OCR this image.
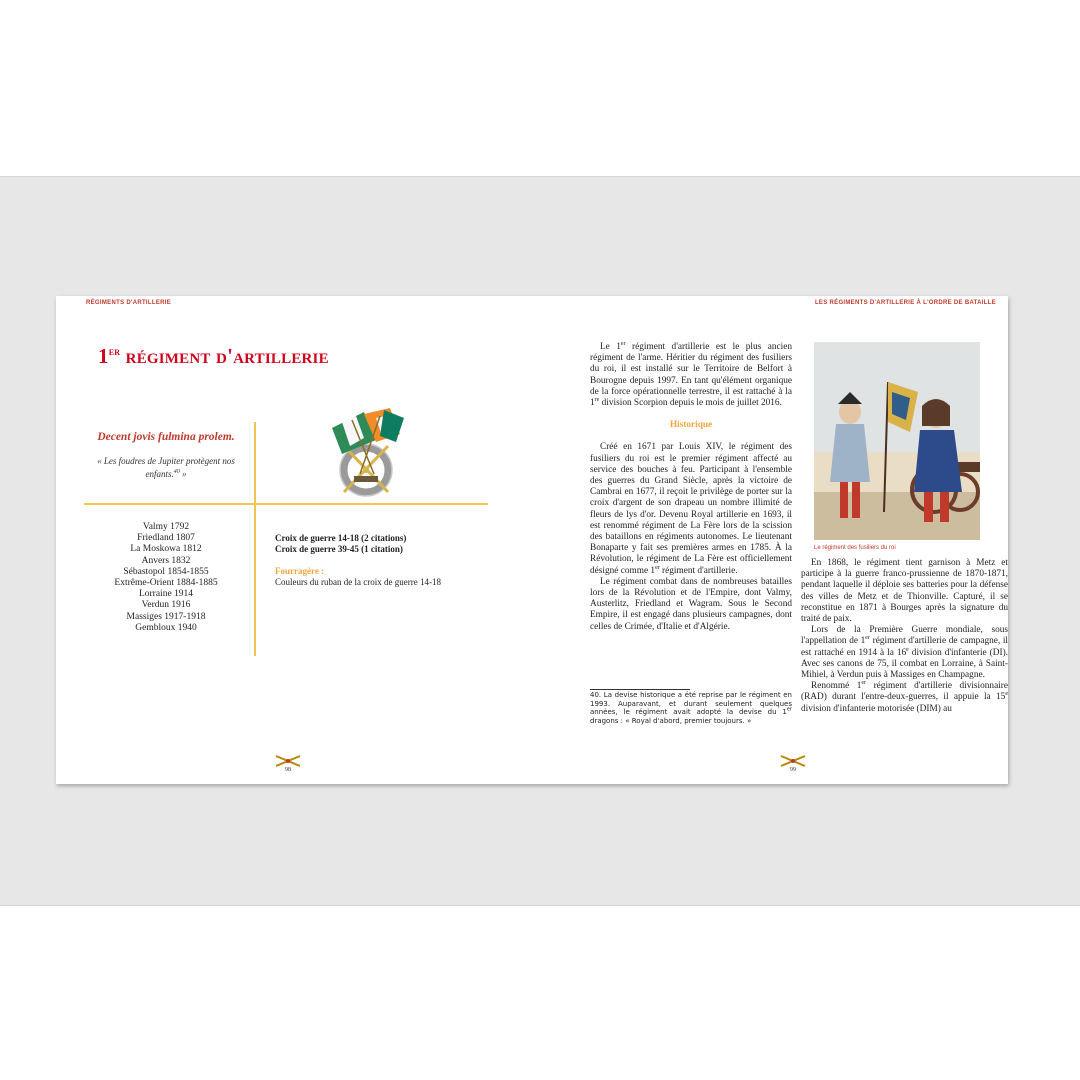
RÉGIMENTS D'ARTILLERIE
1er régiment d'artillerie
Decent jovis fulmina prolem.
« Les foudres de Jupiter protègent nos enfants.$^{40}$ »
Valmy 1792
Friedland 1807
La Moskowa 1812
Anvers 1832
Sébastopol 1854-1855
Extrême-Orient 1884-1885
Lorraine 1914
Verdun 1916
Massiges 1917-1918
Gembloux 1940
Croix de guerre 14-18 (2 citations)
Croix de guerre 39-45 (1 citation)
Fourragère :
Couleurs du ruban de la croix de guerre 14-18
98
LES RÉGIMENTS D'ARTILLERIE À L'ORDRE DE BATAILLE

Le 1er régiment d'artillerie est le plus ancien régiment de l'arme. Héritier du régiment des fusiliers du roi, il est installé sur le Territoire de Belfort à Bourogne depuis 1997. En tant qu'élément organique de la force opérationnelle terrestre, il est rattaché à la 1re division Scorpion depuis le mois de juillet 2016.

Historique

Créé en 1671 par Louis XIV, le régiment des fusiliers du roi est le premier régiment affecté au service des bouches à feu. Participant à l'ensemble des guerres du Grand Siècle, après la victoire de Cambrai en 1677, il reçoit le privilège de porter sur la croix d'argent de son drapeau un nombre illimité de fleurs de lys d'or. Devenu Royal artillerie en 1693, il est renommé régiment de La Fère lors de la scission des bataillons en régiments autonomes. Le lieutenant Bonaparte y fait ses premières armes en 1785. À la Révolution, le régiment de La Fère est officiellement désigné comme 1er régiment d'artillerie.

Le régiment combat dans de nombreuses batailles lors de la Révolution et de l'Empire, dont Valmy, Austerlitz, Friedland et Wagram. Sous le Second Empire, il est engagé dans plusieurs campagnes, dont celles de Crimée, d'Italie et d'Algérie.

40. La devise historique a été reprise par le régiment en 1993. Auparavant, et durant seulement quelques années, le régiment avait adopté la devise du 1er dragons : « Royal d'abord, premier toujours. »
Le régiment des fusiliers du roi

En 1868, le régiment tient garnison à Metz et participe à la guerre franco-prussienne de 1870-1871, pendant laquelle il déploie ses batteries pour la défense des villes de Metz et de Thionville. Capturé, il se reconstitue en 1871 à Bourges après la signature du traité de paix.

Lors de la Première Guerre mondiale, sous l'appellation de 1er régiment d'artillerie de campagne, il est rattaché en 1914 à la 16e division d'infanterie (DI). Avec ses canons de 75, il combat en Lorraine, à Saint-Mihiel, à Verdun puis à Massiges en Champagne.

Renommé 1er régiment d'artillerie divisionnaire (RAD) durant l'entre-deux-guerres, il appuie la 15e division d'infanterie motorisée (DIM) au

99
